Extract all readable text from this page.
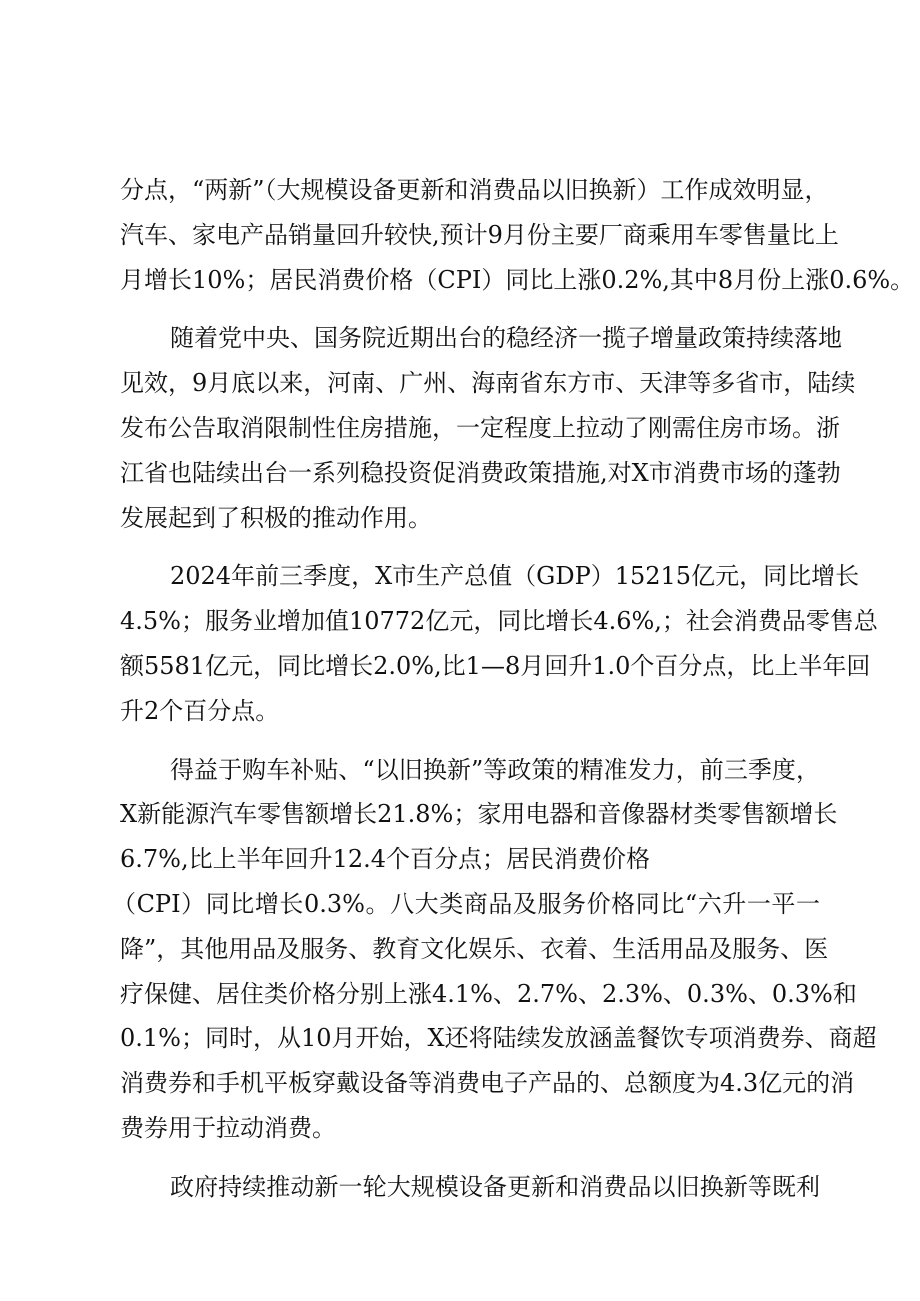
分点，“两新”（大规模设备更新和消费品以旧换新）工作成效明显，
汽车、家电产品销量回升较快,预计9月份主要厂商乘用车零售量比上
月增长10%；居民消费价格（CPI）同比上涨0.2%,其中8月份上涨0.6%。
随着党中央、国务院近期出台的稳经济一揽子增量政策持续落地
见效，9月底以来，河南、广州、海南省东方市、天津等多省市，陆续
发布公告取消限制性住房措施，一定程度上拉动了刚需住房市场。浙
江省也陆续出台一系列稳投资促消费政策措施,对X市消费市场的蓬勃
发展起到了积极的推动作用。
2024年前三季度，X市生产总值（GDP）15215亿元，同比增长
4.5%；服务业增加值10772亿元，同比增长4.6%,；社会消费品零售总
额5581亿元，同比增长2.0%,比1—8月回升1.0个百分点，比上半年回
升2个百分点。
得益于购车补贴、“以旧换新”等政策的精准发力，前三季度，
X新能源汽车零售额增长21.8%；家用电器和音像器材类零售额增长
6.7%,比上半年回升12.4个百分点；居民消费价格
（CPI）同比增长0.3%。八大类商品及服务价格同比“六升一平一
降”，其他用品及服务、教育文化娱乐、衣着、生活用品及服务、医
疗保健、居住类价格分别上涨4.1%、2.7%、2.3%、0.3%、0.3%和
0.1%；同时，从10月开始，X还将陆续发放涵盖餐饮专项消费券、商超
消费券和手机平板穿戴设备等消费电子产品的、总额度为4.3亿元的消
费券用于拉动消费。
政府持续推动新一轮大规模设备更新和消费品以旧换新等既利
